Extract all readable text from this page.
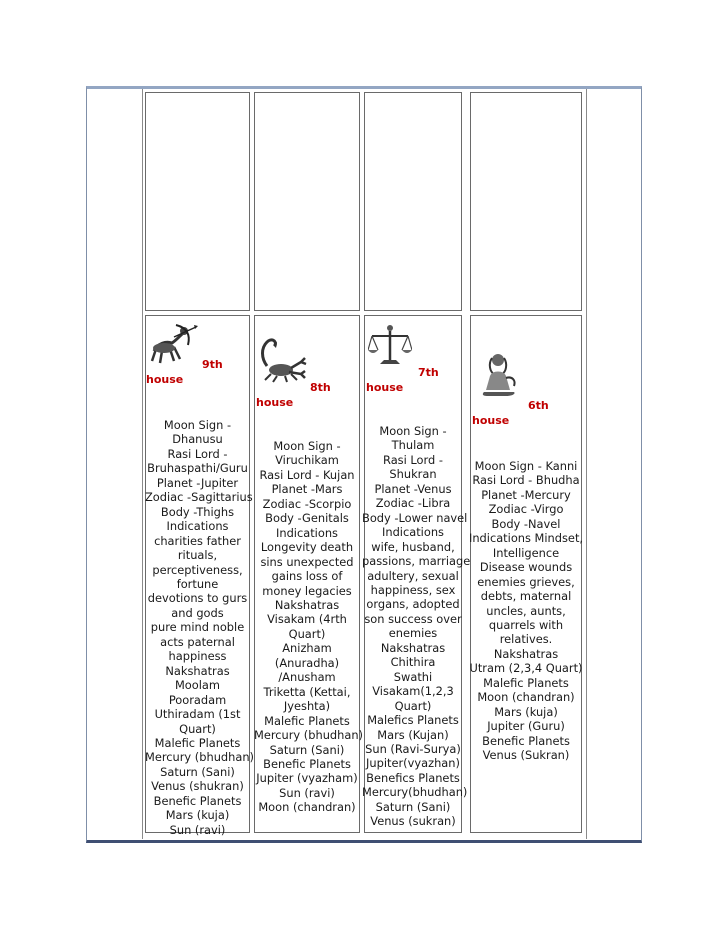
9th
house
Moon Sign -
Dhanusu
Rasi Lord -
Bruhaspathi/Guru
Planet -Jupiter
Zodiac -Sagittarius
Body -Thighs
Indications
charities father
rituals,
perceptiveness,
fortune
devotions to gurs
and gods
pure mind noble
acts paternal
happiness
Nakshatras
Moolam
Pooradam
Uthiradam (1st
Quart)
Malefic Planets
Mercury (bhudhan)
Saturn (Sani)
Venus (shukran)
Benefic Planets
Mars (kuja)
Sun (ravi)
8th
house
Moon Sign -
Viruchikam
Rasi Lord - Kujan
Planet -Mars
Zodiac -Scorpio
Body -Genitals
Indications
Longevity death
sins unexpected
gains loss of
money legacies
Nakshatras
Visakam (4rth
Quart)
Anizham
(Anuradha)
/Anusham
Triketta (Kettai,
Jyeshta)
Malefic Planets
Mercury (bhudhan)
Saturn (Sani)
Benefic Planets
Jupiter (vyazham)
Sun (ravi)
Moon (chandran)
7th
house
Moon Sign -
Thulam
Rasi Lord -
Shukran
Planet -Venus
Zodiac -Libra
Body -Lower navel
Indications
wife, husband,
passions, marriage
adultery, sexual
happiness, sex
organs, adopted
son success over
enemies
Nakshatras
Chithira
Swathi
Visakam(1,2,3
Quart)
Malefics Planets
Mars (Kujan)
Sun (Ravi-Surya)
Jupiter(vyazhan)
Benefics Planets
Mercury(bhudhan)
Saturn (Sani)
Venus (sukran)
6th
house
Moon Sign - Kanni
Rasi Lord - Bhudha
Planet -Mercury
Zodiac -Virgo
Body -Navel
Indications Mindset,
Intelligence
Disease wounds
enemies grieves,
debts, maternal
uncles, aunts,
quarrels with
relatives.
Nakshatras
Utram (2,3,4 Quart)
Malefic Planets
Moon (chandran)
Mars (kuja)
Jupiter (Guru)
Benefic Planets
Venus (Sukran)
